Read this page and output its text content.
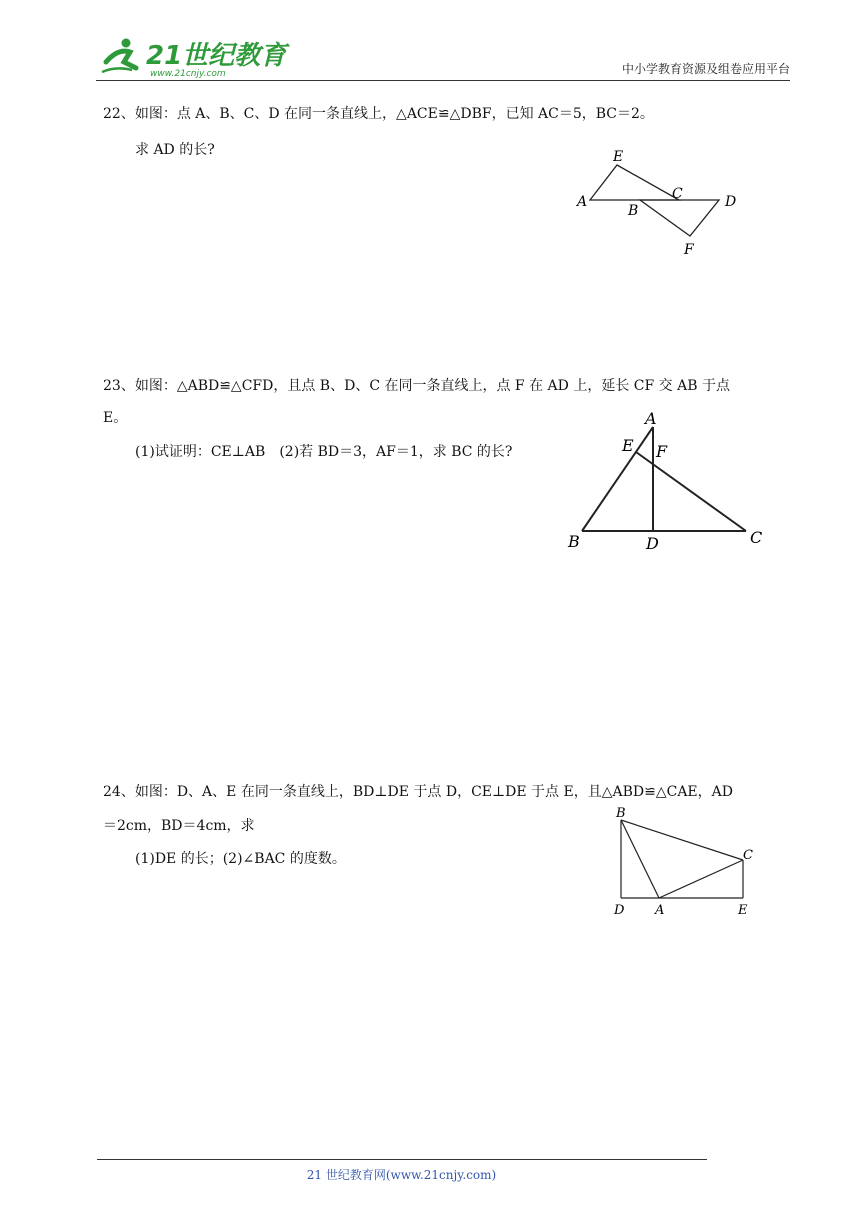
21世纪教育
www.21cnjy.com	中小学教育资源及组卷应用平台
22、如图：点 A、B、C、D 在同一条直线上，△ACE≌△DBF，已知 AC＝5，BC＝2。
求 AD 的长?	E
A
B
C	D
F
23、如图：△ABD≌△CFD，且点 B、D、C 在同一条直线上，点 F 在 AD 上，延长 CF 交 AB 于点
E。
(1)试证明：CE⊥AB　(2)若 BD＝3，AF＝1，求 BC 的长?
A
E F
B	D	C
24、如图：D、A、E 在同一条直线上，BD⊥DE 于点 D，CE⊥DE 于点 E，且△ABD≌△CAE，AD
＝2cm，BD＝4cm，求
(1)DE 的长；(2)∠BAC 的度数。
B
C
D A	E
21 世纪教育网(www.21cnjy.com)
